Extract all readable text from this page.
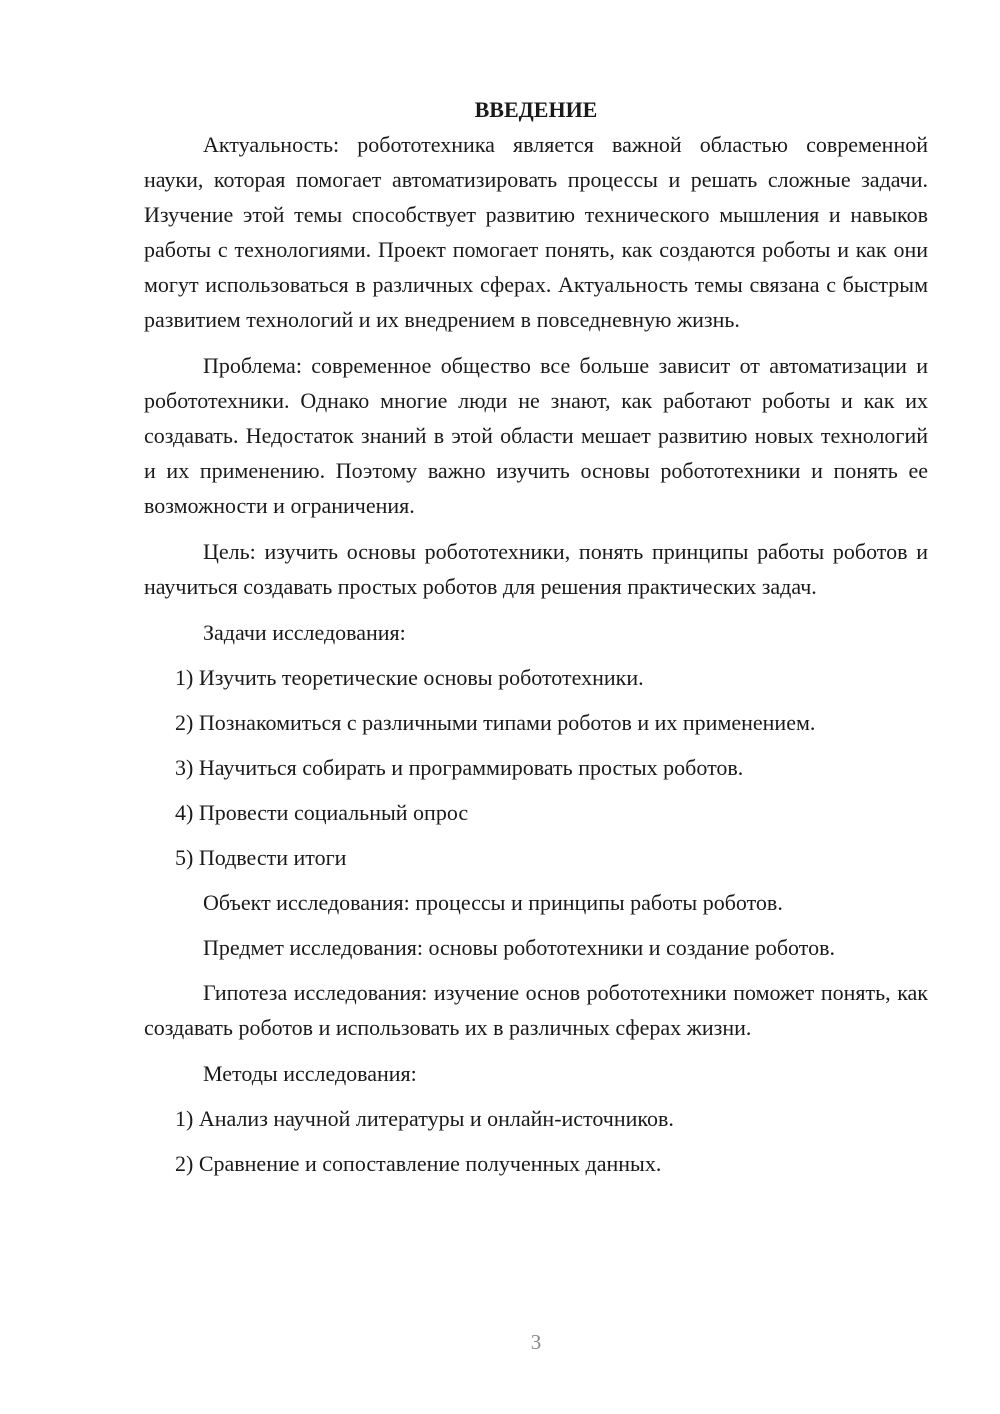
ВВЕДЕНИЕ

Актуальность: робототехника является важной областью современной науки, которая помогает автоматизировать процессы и решать сложные задачи. Изучение этой темы способствует развитию технического мышления и навыков работы с технологиями. Проект помогает понять, как создаются роботы и как они могут использоваться в различных сферах. Актуальность темы связана с быстрым развитием технологий и их внедрением в повседневную жизнь.

Проблема: современное общество все больше зависит от автоматизации и робототехники. Однако многие люди не знают, как работают роботы и как их создавать. Недостаток знаний в этой области мешает развитию новых технологий и их применению. Поэтому важно изучить основы робототехники и понять ее возможности и ограничения.

Цель: изучить основы робототехники, понять принципы работы роботов и научиться создавать простых роботов для решения практических задач.

Задачи исследования:
1) Изучить теоретические основы робототехники.
2) Познакомиться с различными типами роботов и их применением.
3) Научиться собирать и программировать простых роботов.
4) Провести социальный опрос
5) Подвести итоги
Объект исследования: процессы и принципы работы роботов.
Предмет исследования: основы робототехники и создание роботов.

Гипотеза исследования: изучение основ робототехники поможет понять, как создавать роботов и использовать их в различных сферах жизни.

Методы исследования:
1) Анализ научной литературы и онлайн-источников.
2) Сравнение и сопоставление полученных данных.
3
